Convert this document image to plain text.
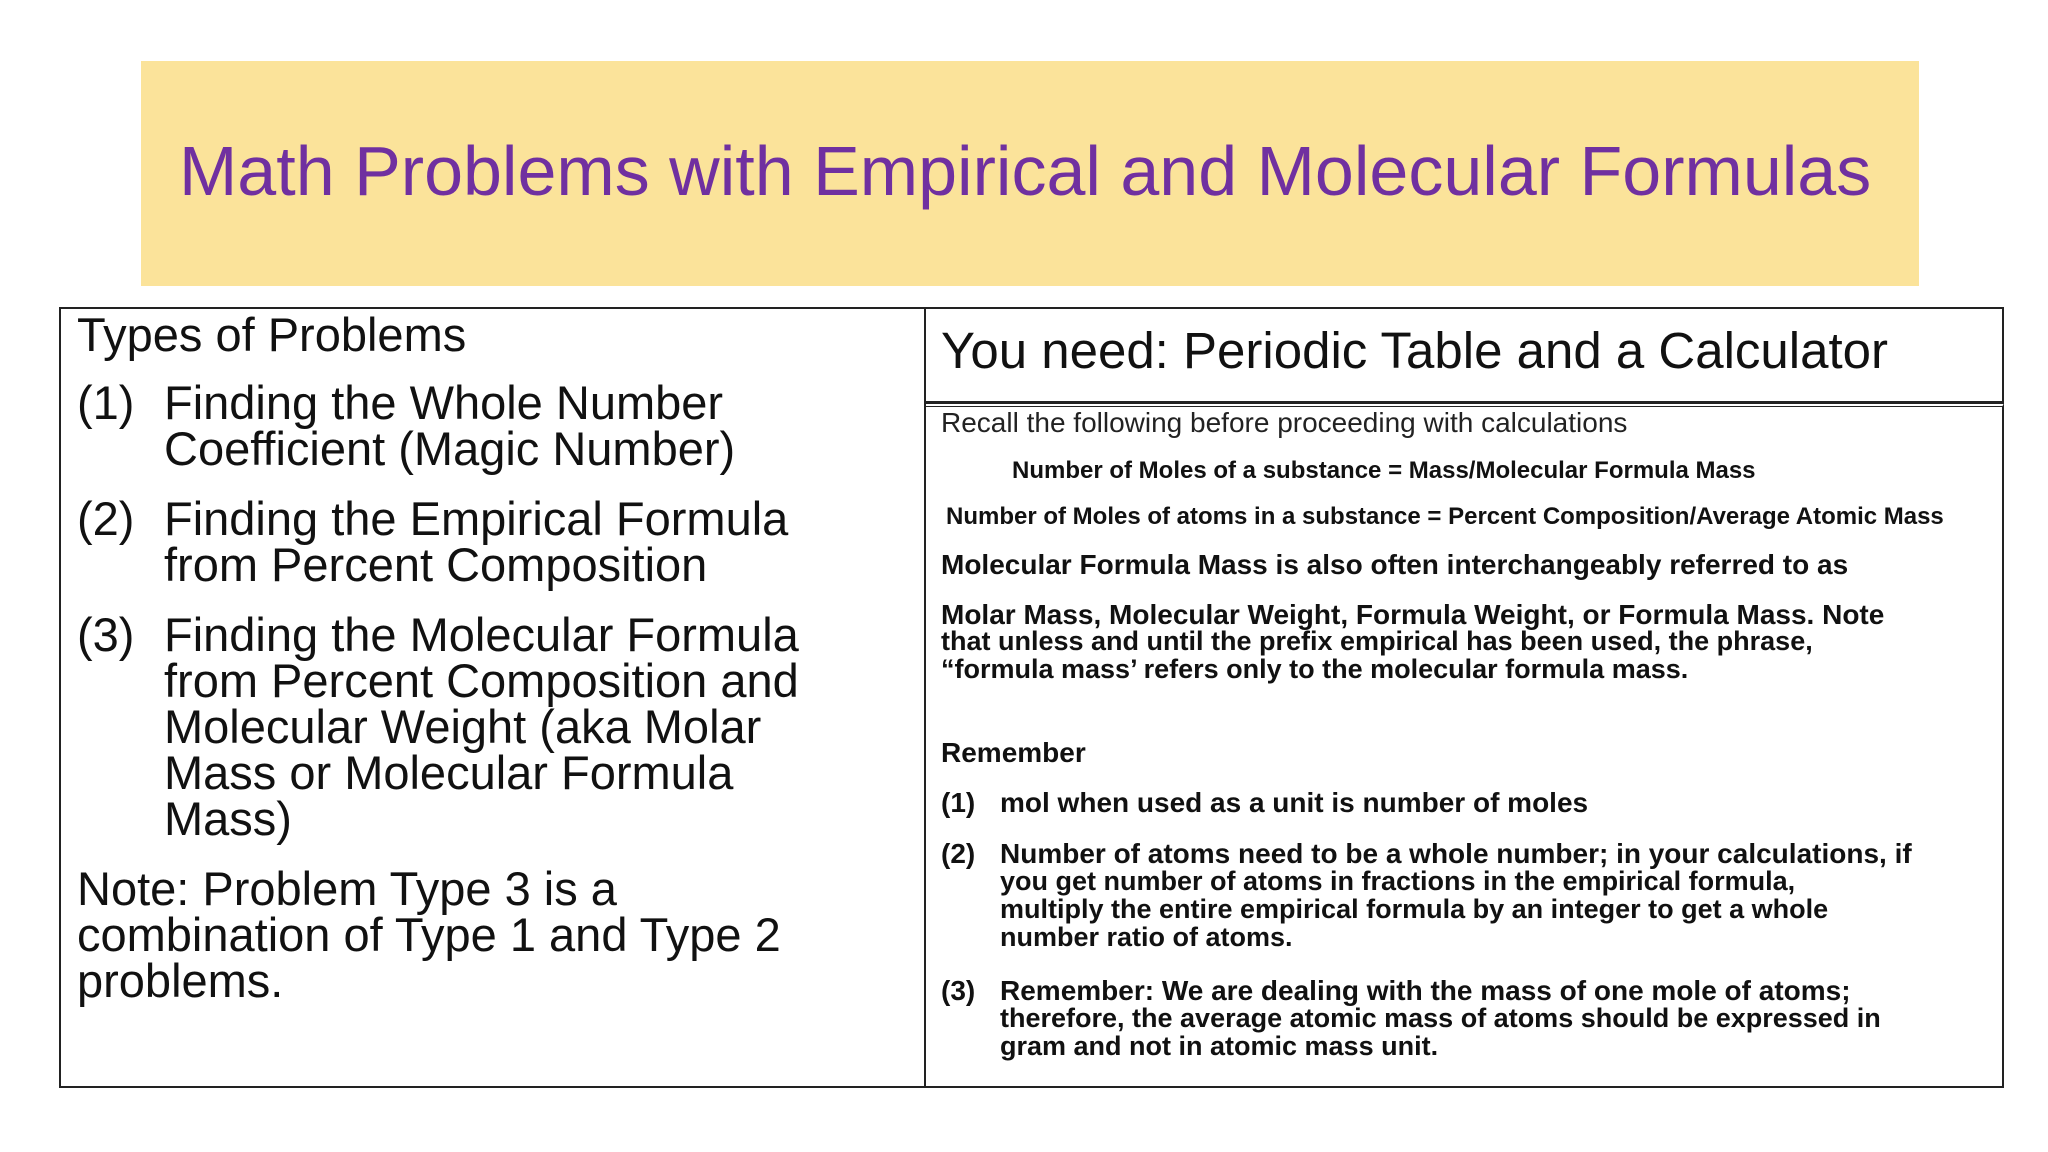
Math Problems with Empirical and Molecular Formulas
Types of Problems
(1) Finding the Whole Number
Coefficient (Magic Number)
(2) Finding the Empirical Formula
from Percent Composition
(3) Finding the Molecular Formula
from Percent Composition and
Molecular Weight (aka Molar
Mass or Molecular Formula
Mass)
Note: Problem Type 3 is a
combination of Type 1 and Type 2
problems.
You need: Periodic Table and a Calculator
Recall the following before proceeding with calculations
Number of Moles of a substance = Mass/Molecular Formula Mass
Number of Moles of atoms in a substance = Percent Composition/Average Atomic Mass
Molecular Formula Mass is also often interchangeably referred to as
Molar Mass, Molecular Weight, Formula Weight, or Formula Mass. Note
that unless and until the prefix empirical has been used, the phrase,
“formula mass’ refers only to the molecular formula mass.
Remember
(1) mol when used as a unit is number of moles
(2) Number of atoms need to be a whole number; in your calculations, if
you get number of atoms in fractions in the empirical formula,
multiply the entire empirical formula by an integer to get a whole
number ratio of atoms.
(3) Remember: We are dealing with the mass of one mole of atoms;
therefore, the average atomic mass of atoms should be expressed in
gram and not in atomic mass unit.
